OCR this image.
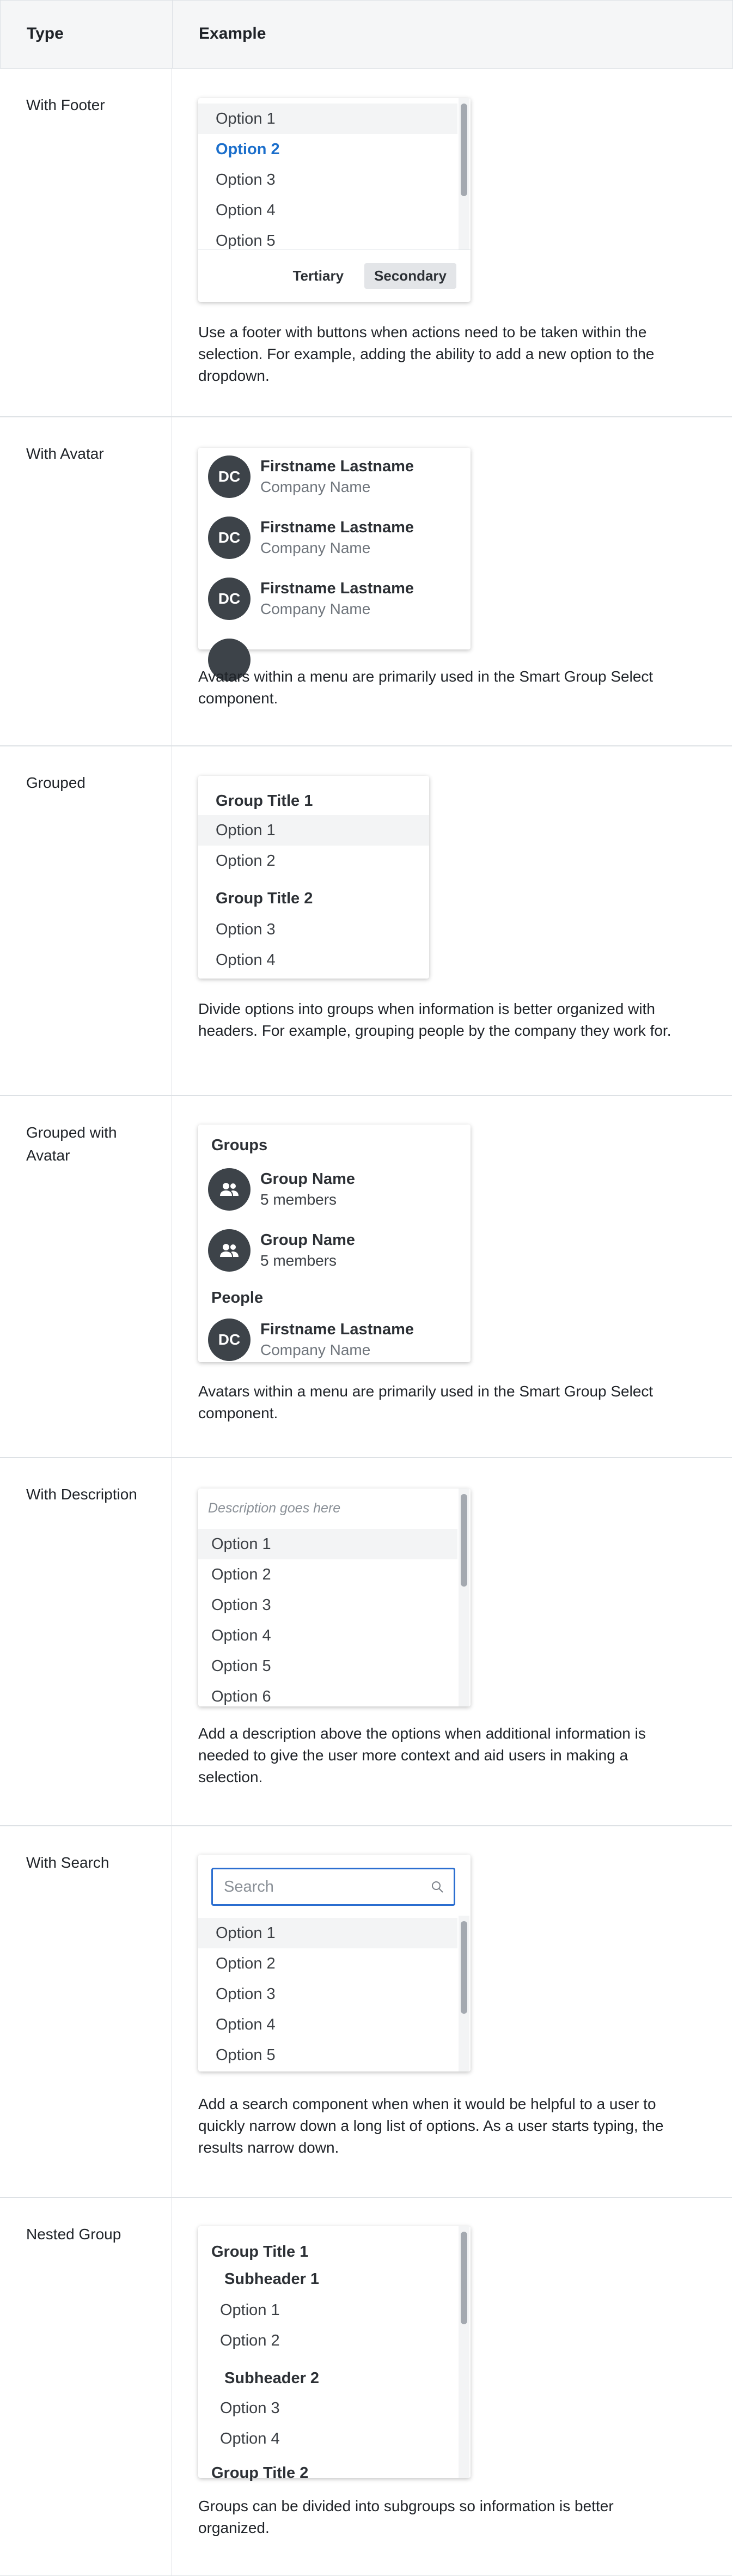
Type	Example
With Footer
Option 1
Option 2
Option 3
Option 4
Option 5
Tertiary	Secondary
Use a footer with buttons when actions need to be taken within the selection. For example, adding the ability to add a new option to the dropdown.
With Avatar
DC
Firstname Lastname
Company Name
DC
Firstname Lastname
Company Name
DC
Firstname Lastname
Company Name
Avatars within a menu are primarily used in the Smart Group Select component.
Grouped
Group Title 1
Option 1
Option 2
Group Title 2
Option 3
Option 4
Divide options into groups when information is better organized with headers. For example, grouping people by the company they work for.
Grouped with Avatar
Groups
Group Name
5 members
Group Name
5 members
People
DC
Firstname Lastname
Company Name
Avatars within a menu are primarily used in the Smart Group Select component.
With Description
Description goes here
Option 1
Option 2
Option 3
Option 4
Option 5
Option 6
Add a description above the options when additional information is needed to give the user more context and aid users in making a selection.
With Search
Search
Option 1
Option 2
Option 3
Option 4
Option 5
Add a search component when when it would be helpful to a user to quickly narrow down a long list of options. As a user starts typing, the results narrow down.
Nested Group
Group Title 1
Subheader 1
Option 1
Option 2
Subheader 2
Option 3
Option 4
Group Title 2
Groups can be divided into subgroups so information is better organized.
